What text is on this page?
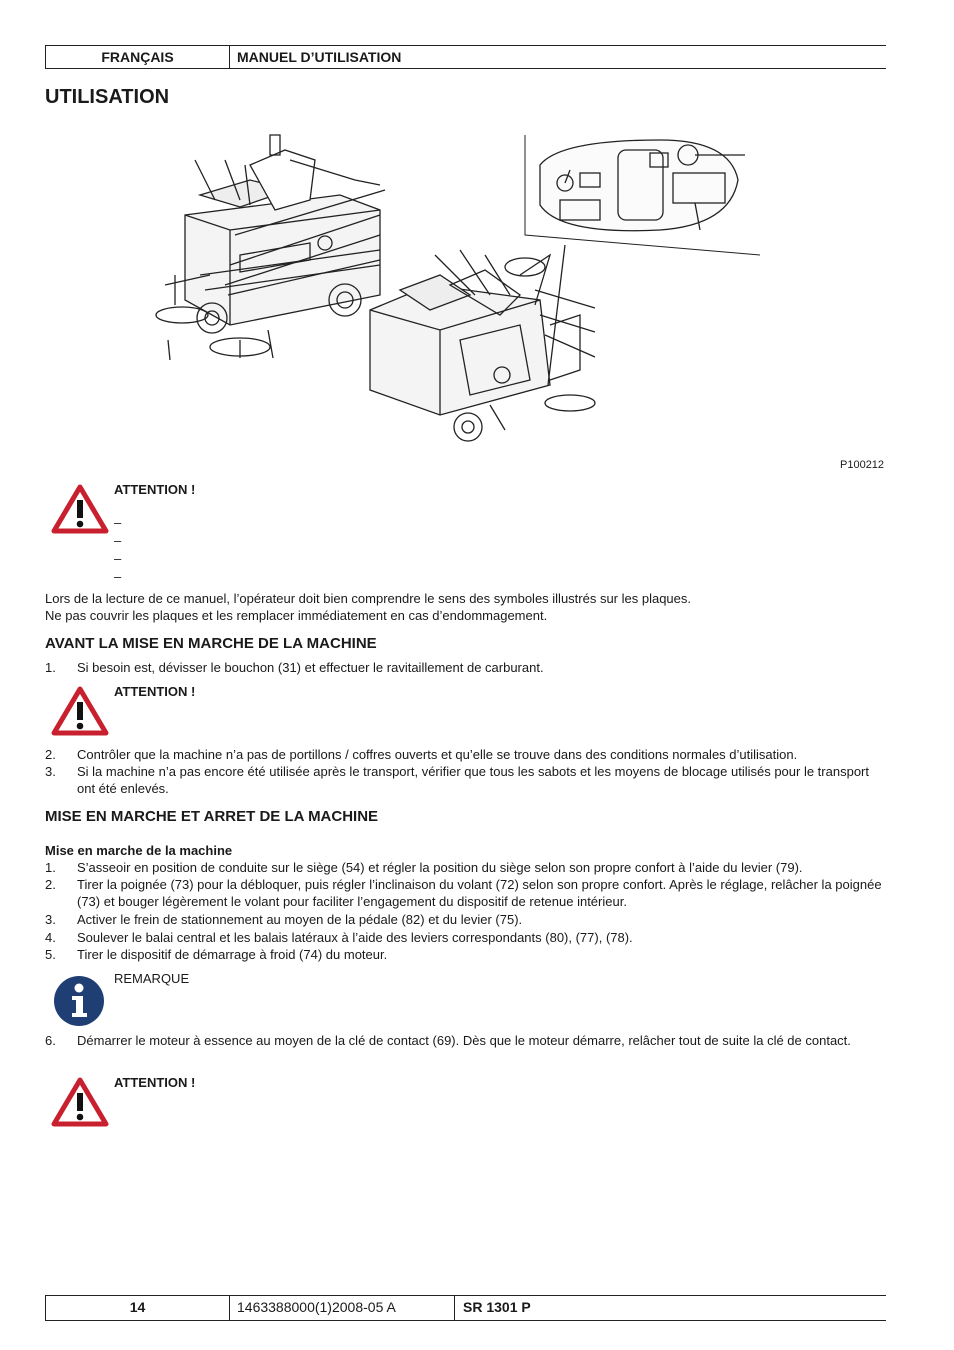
FRANÇAIS	MANUEL D’UTILISATION
UTILISATION
P100212
ATTENTION !
–
–
–
–
Lors de la lecture de ce manuel, l’opérateur doit bien comprendre le sens des symboles illustrés sur les plaques.
Ne pas couvrir les plaques et les remplacer immédiatement en cas d’endommagement.
AVANT LA MISE EN MARCHE DE LA MACHINE
1. Si besoin est, dévisser le bouchon (31) et effectuer le ravitaillement de carburant.
ATTENTION !
2. Contrôler que la machine n’a pas de portillons / coffres ouverts et qu’elle se trouve dans des conditions normales d’utilisation.
3. Si la machine n’a pas encore été utilisée après le transport, vérifier que tous les sabots et les moyens de blocage utilisés pour le transport ont été enlevés.
MISE EN MARCHE ET ARRET DE LA MACHINE
Mise en marche de la machine
1. S’asseoir en position de conduite sur le siège (54) et régler la position du siège selon son propre confort à l’aide du levier (79).
2. Tirer la poignée (73) pour la débloquer, puis régler l’inclinaison du volant (72) selon son propre confort. Après le réglage, relâcher la poignée (73) et bouger légèrement le volant pour faciliter l’engagement du dispositif de retenue intérieur.
3. Activer le frein de stationnement au moyen de la pédale (82) et du levier (75).
4. Soulever le balai central et les balais latéraux à l’aide des leviers correspondants (80), (77), (78).
5. Tirer le dispositif de démarrage à froid (74) du moteur.
REMARQUE
6. Démarrer le moteur à essence au moyen de la clé de contact (69). Dès que le moteur démarre, relâcher tout de suite la clé de contact.
ATTENTION !
14	1463388000(1)2008-05 A	SR 1301 P
